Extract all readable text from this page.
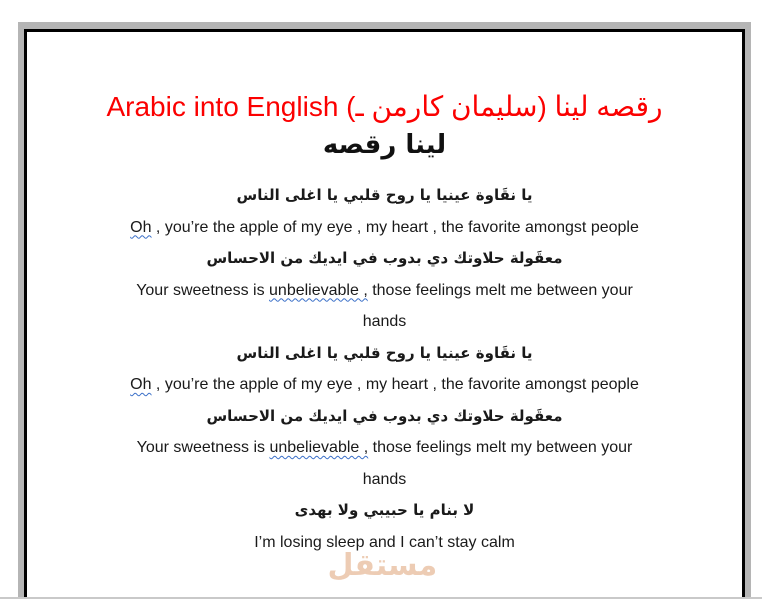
مستقل
Arabic into English (ـ‎ كارمن‎ سليمان‎)‎ لينا‎ رقصه
لينا رقصه
يا نقَاوة عينيا يا روح قلبي يا اغلى الناس
Oh , you’re the apple of my eye , my heart , the favorite amongst people
معقَولة حلاوتك دي بدوب في ايديك من الاحساس
Your sweetness is unbelievable , those feelings melt me between your
hands
يا نقَاوة عينيا يا روح قلبي يا اغلى الناس
Oh , you’re the apple of my eye , my heart , the favorite amongst people
معقَولة حلاوتك دي بدوب في ايديك من الاحساس
Your sweetness is unbelievable , those feelings melt my between your
hands
لا بنام يا حبيبي ولا بهدى
I’m losing sleep and I can’t stay calm
